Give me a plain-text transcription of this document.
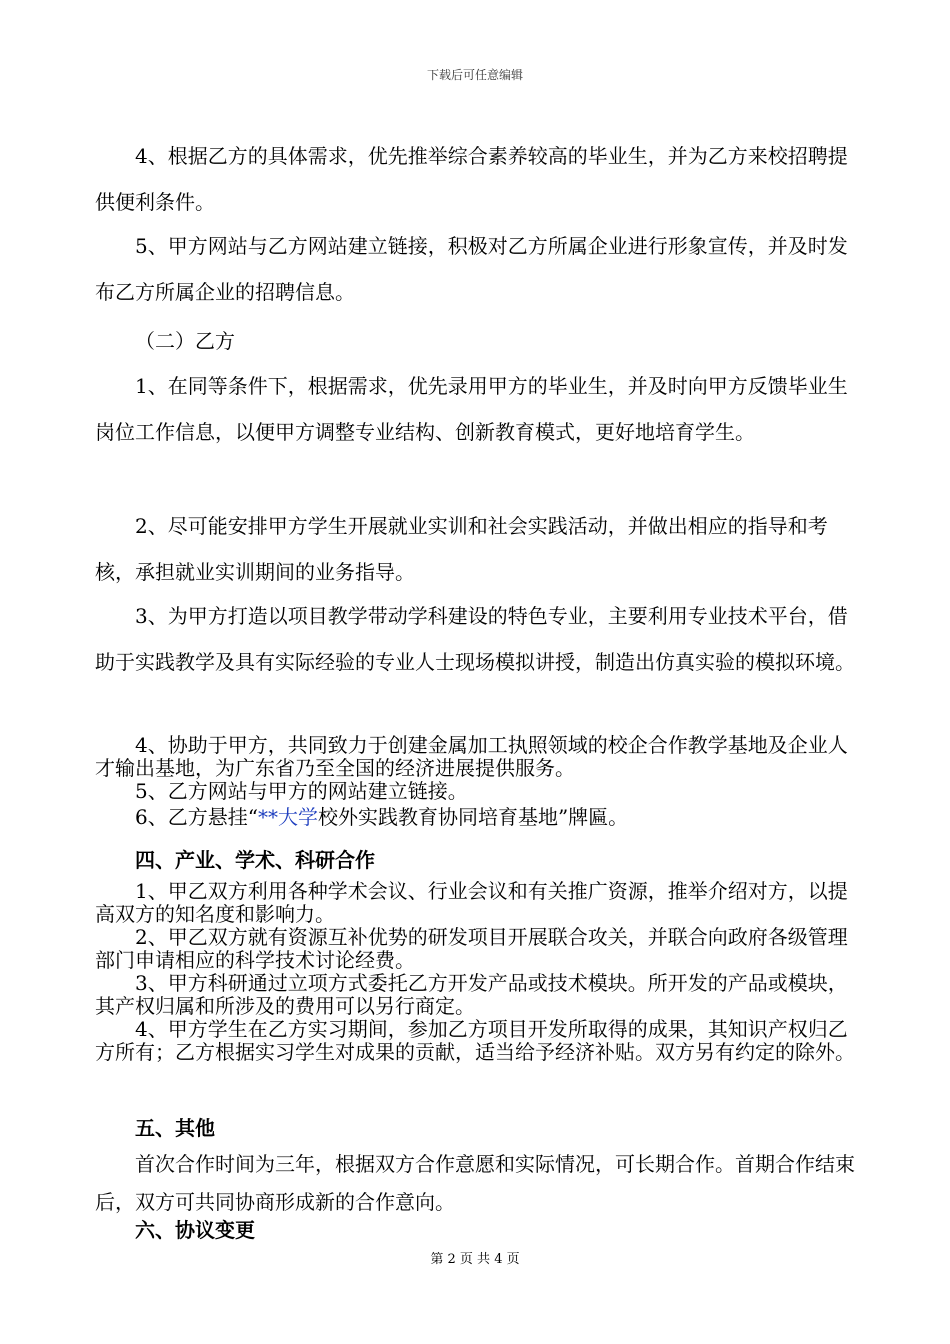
下载后可任意编辑

4、根据乙方的具体需求，优先推举综合素养较高的毕业生，并为乙方来校招聘提供便利条件。

5、甲方网站与乙方网站建立链接，积极对乙方所属企业进行形象宣传，并及时发布乙方所属企业的招聘信息。

（二）乙方

1、在同等条件下，根据需求，优先录用甲方的毕业生，并及时向甲方反馈毕业生岗位工作信息，以便甲方调整专业结构、创新教育模式，更好地培育学生。

2、尽可能安排甲方学生开展就业实训和社会实践活动，并做出相应的指导和考核，承担就业实训期间的业务指导。

3、为甲方打造以项目教学带动学科建设的特色专业，主要利用专业技术平台，借助于实践教学及具有实际经验的专业人士现场模拟讲授，制造出仿真实验的模拟环境。

4、协助于甲方，共同致力于创建金属加工执照领域的校企合作教学基地及企业人才输出基地，为广东省乃至全国的经济进展提供服务。

5、乙方网站与甲方的网站建立链接。

6、乙方悬挂“**大学校外实践教育协同培育基地”牌匾。

四、产业、学术、科研合作

1、甲乙双方利用各种学术会议、行业会议和有关推广资源，推举介绍对方，以提高双方的知名度和影响力。

2、甲乙双方就有资源互补优势的研发项目开展联合攻关，并联合向政府各级管理部门申请相应的科学技术讨论经费。

3、甲方科研通过立项方式委托乙方开发产品或技术模块。所开发的产品或模块，其产权归属和所涉及的费用可以另行商定。

4、甲方学生在乙方实习期间，参加乙方项目开发所取得的成果，其知识产权归乙方所有；乙方根据实习学生对成果的贡献，适当给予经济补贴。双方另有约定的除外。

五、其他

首次合作时间为三年，根据双方合作意愿和实际情况，可长期合作。首期合作结束后，双方可共同协商形成新的合作意向。

六、协议变更

第 2 页 共 4 页
